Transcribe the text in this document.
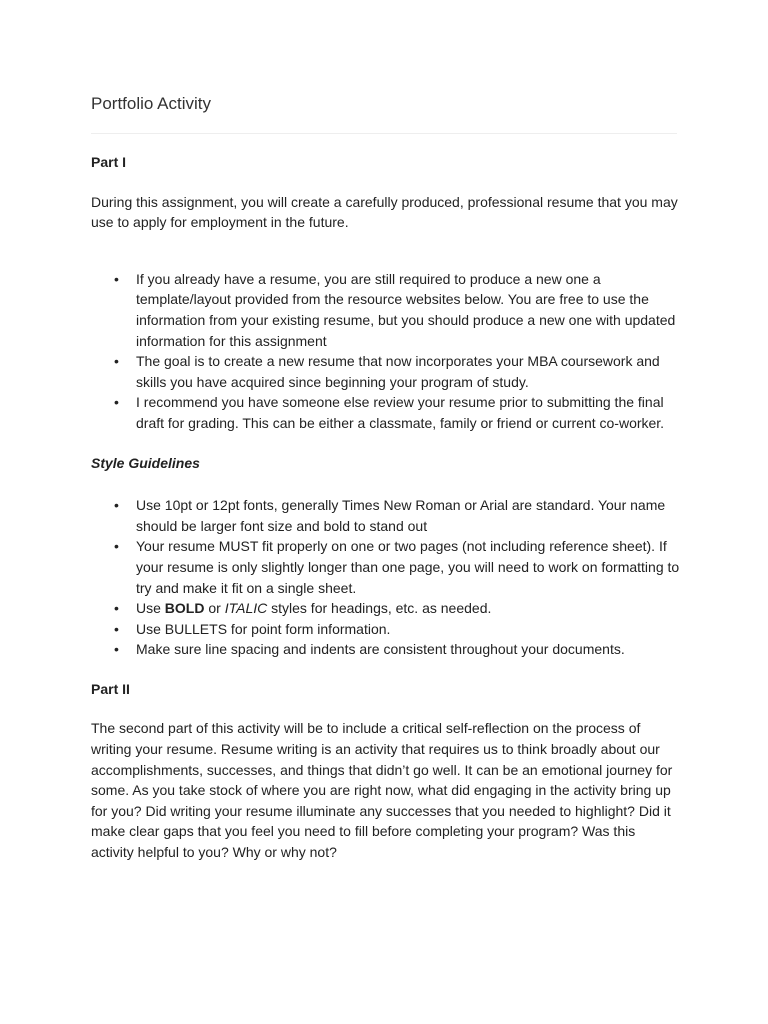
Portfolio Activity
Part I

During this assignment, you will create a carefully produced, professional resume that you may use to apply for employment in the future.

• If you already have a resume, you are still required to produce a new one a template/layout provided from the resource websites below. You are free to use the information from your existing resume, but you should produce a new one with updated information for this assignment
• The goal is to create a new resume that now incorporates your MBA coursework and skills you have acquired since beginning your program of study.
• I recommend you have someone else review your resume prior to submitting the final draft for grading. This can be either a classmate, family or friend or current co-worker.
Style Guidelines
• Use 10pt or 12pt fonts, generally Times New Roman or Arial are standard. Your name should be larger font size and bold to stand out
• Your resume MUST fit properly on one or two pages (not including reference sheet). If your resume is only slightly longer than one page, you will need to work on formatting to try and make it fit on a single sheet.
• Use BOLD or ITALIC styles for headings, etc. as needed.
• Use BULLETS for point form information.
• Make sure line spacing and indents are consistent throughout your documents.
Part II

The second part of this activity will be to include a critical self-reflection on the process of writing your resume. Resume writing is an activity that requires us to think broadly about our accomplishments, successes, and things that didn’t go well. It can be an emotional journey for some. As you take stock of where you are right now, what did engaging in the activity bring up for you? Did writing your resume illuminate any successes that you needed to highlight? Did it make clear gaps that you feel you need to fill before completing your program? Was this activity helpful to you? Why or why not?
